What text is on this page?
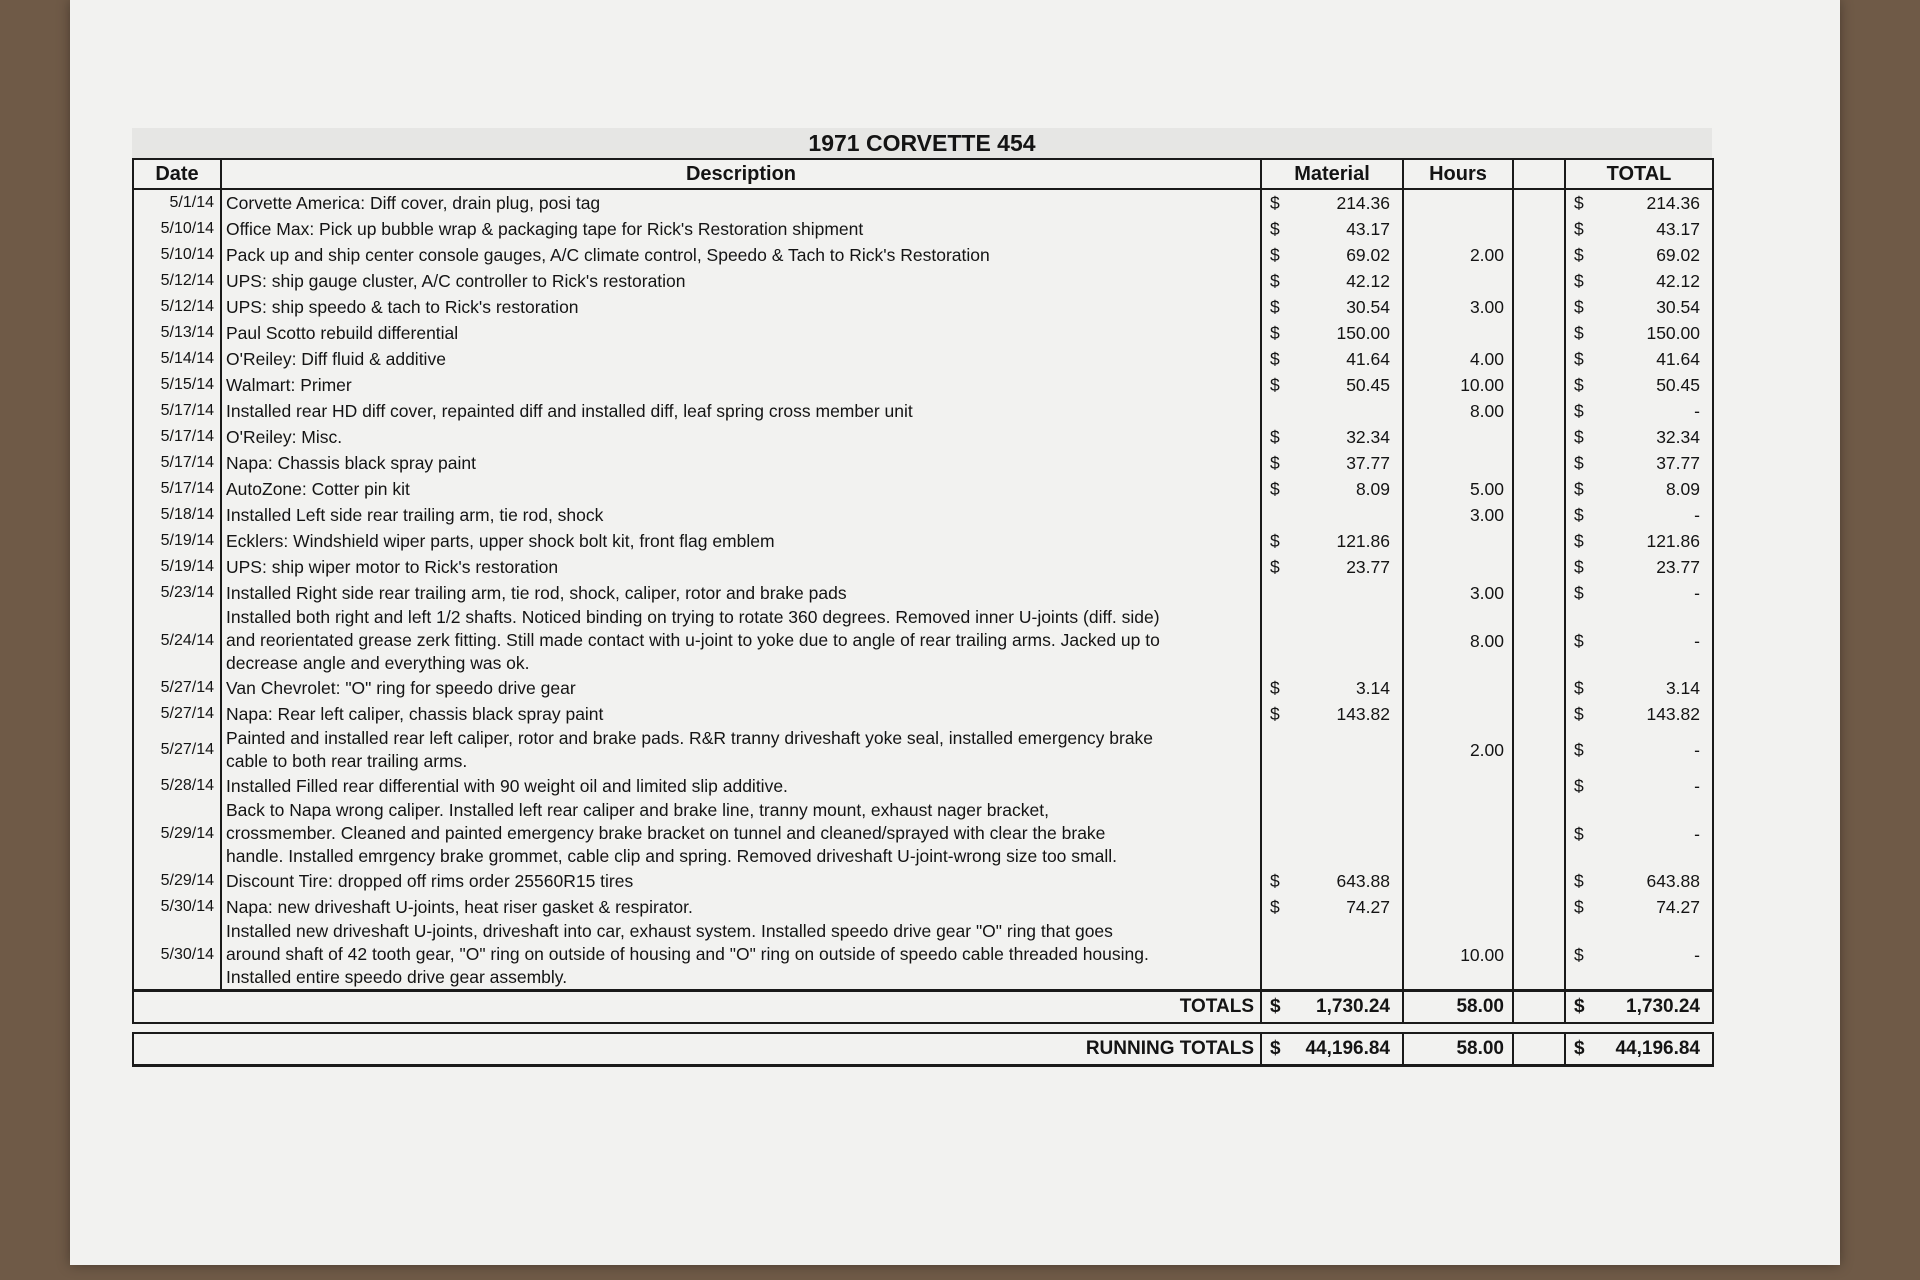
1971 CORVETTE 454
Date	Description	Material		Hours		TOTAL	
5/1/14	Corvette America: Diff cover, drain plug, posi tag	$	214.36			$	214.36
5/10/14	Office Max: Pick up bubble wrap & packaging tape for Rick's Restoration shipment	$	43.17			$	43.17
5/10/14	Pack up and ship center console gauges, A/C climate control, Speedo & Tach to Rick's Restoration	$	69.02	2.00		$	69.02
5/12/14	UPS: ship gauge cluster, A/C controller to Rick's restoration	$	42.12			$	42.12
5/12/14	UPS: ship speedo & tach to Rick's restoration	$	30.54	3.00		$	30.54
5/13/14	Paul Scotto rebuild differential	$	150.00			$	150.00
5/14/14	O'Reiley: Diff fluid & additive	$	41.64	4.00		$	41.64
5/15/14	Walmart: Primer	$	50.45	10.00		$	50.45
5/17/14	Installed rear HD diff cover, repainted diff and installed diff, leaf spring cross member unit			8.00		$	-
5/17/14	O'Reiley: Misc.	$	32.34			$	32.34
5/17/14	Napa: Chassis black spray paint	$	37.77			$	37.77
5/17/14	AutoZone: Cotter pin kit	$	8.09	5.00		$	8.09
5/18/14	Installed Left side rear trailing arm, tie rod, shock			3.00		$	-
5/19/14	Ecklers: Windshield wiper parts, upper shock bolt kit, front flag emblem	$	121.86			$	121.86
5/19/14	UPS: ship wiper motor to Rick's restoration	$	23.77			$	23.77
5/23/14	Installed Right side rear trailing arm, tie rod, shock, caliper, rotor and brake pads			3.00		$	-
5/24/14	Installed both right and left 1/2 shafts. Noticed binding on trying to rotate 360 degrees. Removed inner U-joints (diff. side)
and reorientated grease zerk fitting. Still made contact with u-joint to yoke due to angle of rear trailing arms. Jacked up to
decrease angle and everything was ok.			8.00		$	-
5/27/14	Van Chevrolet: "O" ring for speedo drive gear	$	3.14			$	3.14
5/27/14	Napa: Rear left caliper, chassis black spray paint	$	143.82			$	143.82
5/27/14	Painted and installed rear left caliper, rotor and brake pads. R&R tranny driveshaft yoke seal, installed emergency brake
cable to both rear trailing arms.			2.00		$	-
5/28/14	Installed Filled rear differential with 90 weight oil and limited slip additive.					$	-
5/29/14	Back to Napa wrong caliper. Installed left rear caliper and brake line, tranny mount, exhaust nager bracket,
crossmember. Cleaned and painted emergency brake bracket on tunnel and cleaned/sprayed with clear the brake
handle. Installed emrgency brake grommet, cable clip and spring. Removed driveshaft U-joint-wrong size too small.					$	-
5/29/14	Discount Tire: dropped off rims order 25560R15 tires	$	643.88			$	643.88
5/30/14	Napa: new driveshaft U-joints, heat riser gasket & respirator.	$	74.27			$	74.27
5/30/14	Installed new driveshaft U-joints, driveshaft into car, exhaust system. Installed speedo drive gear "O" ring that goes
around shaft of 42 tooth gear, "O" ring on outside of housing and "O" ring on outside of speedo cable threaded housing.
Installed entire speedo drive gear assembly.			10.00		$	-
TOTALS		$	1,730.24	58.00		$	1,730.24

RUNNING TOTALS		$	44,196.84	58.00		$	44,196.84
